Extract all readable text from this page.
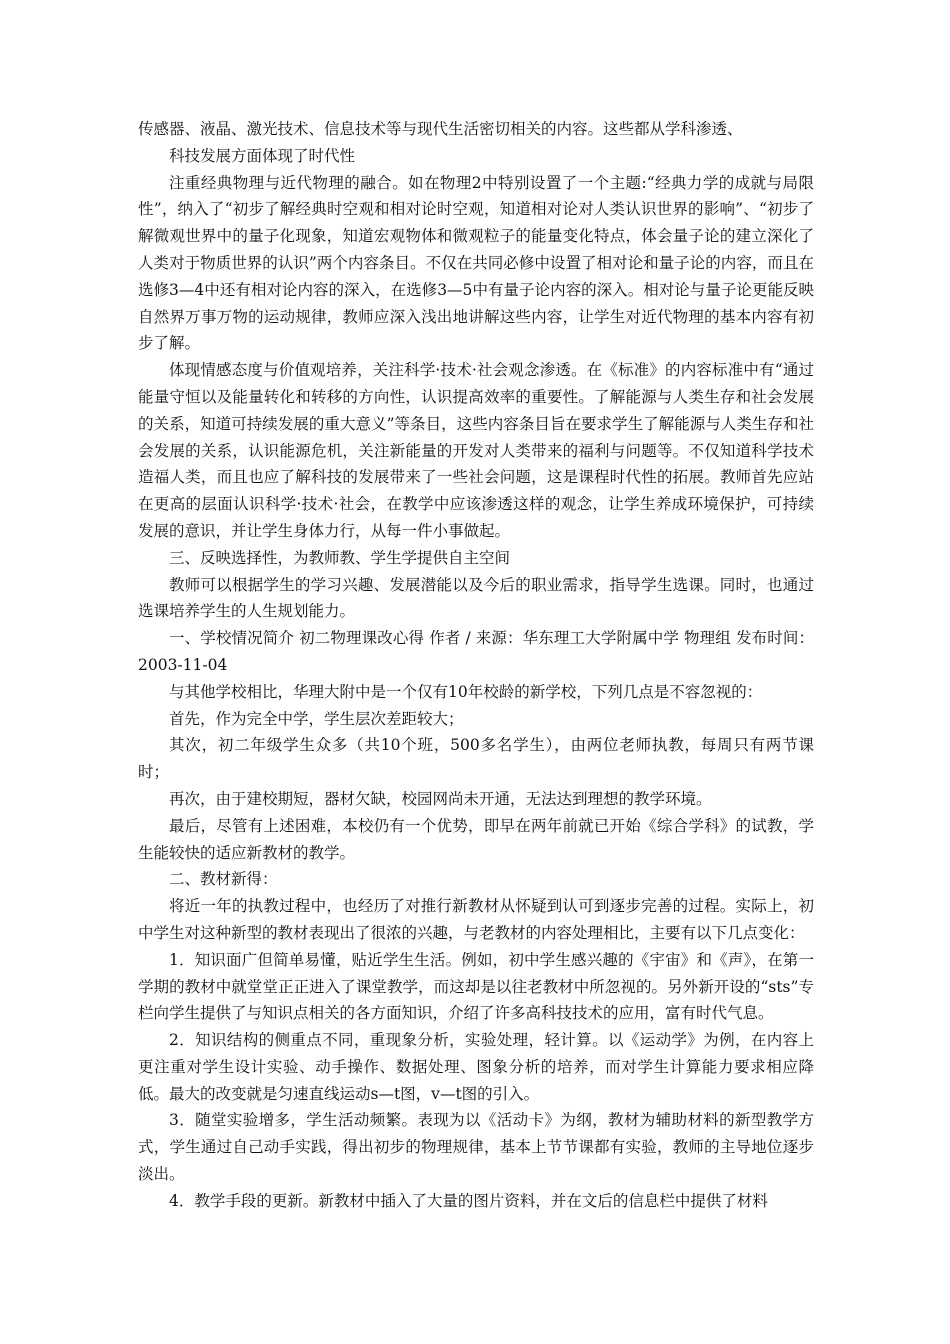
传感器、液晶、激光技术、信息技术等与现代生活密切相关的内容。这些都从学科渗透、

科技发展方面体现了时代性

注重经典物理与近代物理的融合。如在物理2中特别设置了一个主题:“经典力学的成就与局限性”，纳入了“初步了解经典时空观和相对论时空观，知道相对论对人类认识世界的影响”、“初步了解微观世界中的量子化现象，知道宏观物体和微观粒子的能量变化特点，体会量子论的建立深化了人类对于物质世界的认识”两个内容条目。不仅在共同必修中设置了相对论和量子论的内容，而且在选修3—4中还有相对论内容的深入，在选修3—5中有量子论内容的深入。相对论与量子论更能反映自然界万事万物的运动规律，教师应深入浅出地讲解这些内容，让学生对近代物理的基本内容有初步了解。

体现情感态度与价值观培养，关注科学·技术·社会观念渗透。在《标准》的内容标准中有“通过能量守恒以及能量转化和转移的方向性，认识提高效率的重要性。了解能源与人类生存和社会发展的关系，知道可持续发展的重大意义”等条目，这些内容条目旨在要求学生了解能源与人类生存和社会发展的关系，认识能源危机，关注新能量的开发对人类带来的福利与问题等。不仅知道科学技术造福人类，而且也应了解科技的发展带来了一些社会问题，这是课程时代性的拓展。教师首先应站在更高的层面认识科学·技术·社会，在教学中应该渗透这样的观念，让学生养成环境保护，可持续发展的意识，并让学生身体力行，从每一件小事做起。

三、反映选择性，为教师教、学生学提供自主空间

教师可以根据学生的学习兴趣、发展潜能以及今后的职业需求，指导学生选课。同时，也通过选课培养学生的人生规划能力。

一、学校情况简介 初二物理课改心得 作者 / 来源：华东理工大学附属中学 物理组 发布时间：2003-11-04

与其他学校相比，华理大附中是一个仅有10年校龄的新学校，下列几点是不容忽视的：

首先，作为完全中学，学生层次差距较大；

其次，初二年级学生众多（共10个班，500多名学生），由两位老师执教，每周只有两节课时；

再次，由于建校期短，器材欠缺，校园网尚未开通，无法达到理想的教学环境。

最后，尽管有上述困难，本校仍有一个优势，即早在两年前就已开始《综合学科》的试教，学生能较快的适应新教材的教学。

二、教材新得：

将近一年的执教过程中，也经历了对推行新教材从怀疑到认可到逐步完善的过程。实际上，初中学生对这种新型的教材表现出了很浓的兴趣，与老教材的内容处理相比，主要有以下几点变化：

1．知识面广但简单易懂，贴近学生生活。例如，初中学生感兴趣的《宇宙》和《声》，在第一学期的教材中就堂堂正正进入了课堂教学，而这却是以往老教材中所忽视的。另外新开设的“sts”专栏向学生提供了与知识点相关的各方面知识，介绍了许多高科技技术的应用，富有时代气息。

2．知识结构的侧重点不同，重现象分析，实验处理，轻计算。以《运动学》为例，在内容上更注重对学生设计实验、动手操作、数据处理、图象分析的培养，而对学生计算能力要求相应降低。最大的改变就是匀速直线运动s—t图，v—t图的引入。

3．随堂实验增多，学生活动频繁。表现为以《活动卡》为纲，教材为辅助材料的新型教学方式，学生通过自己动手实践，得出初步的物理规律，基本上节节课都有实验，教师的主导地位逐步淡出。

4．教学手段的更新。新教材中插入了大量的图片资料，并在文后的信息栏中提供了材料
